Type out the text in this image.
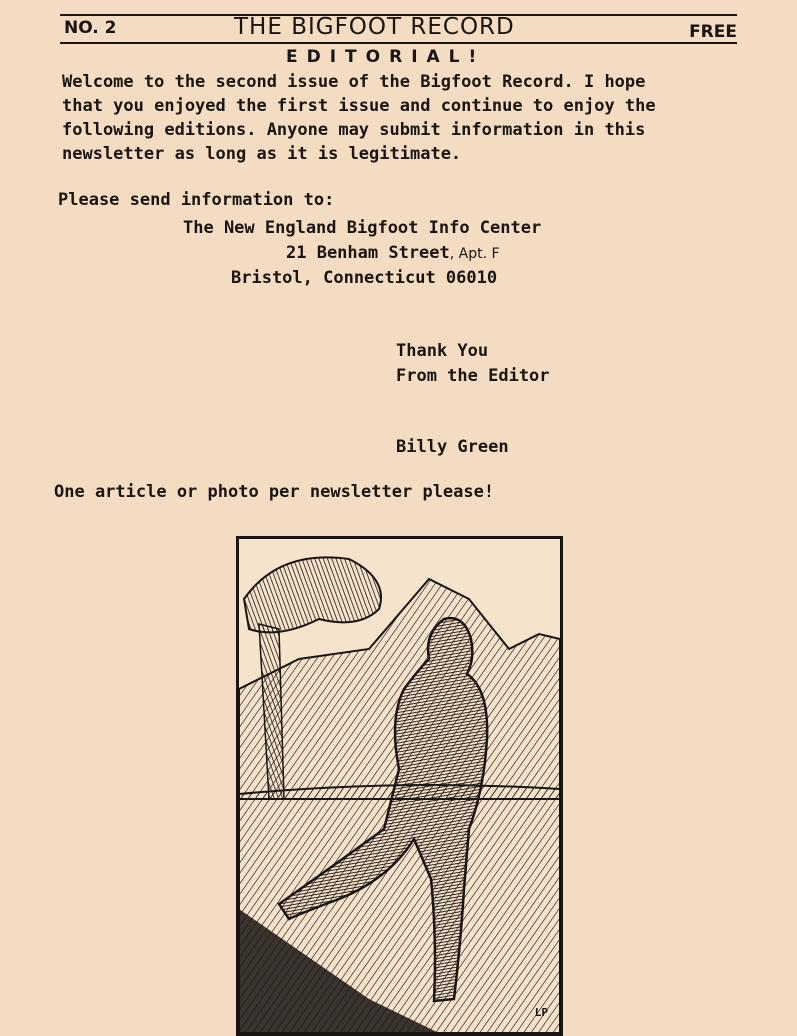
NO. 2	THE BIGFOOT RECORD	FREE
EDITORIAL!
Welcome to the second issue of the Bigfoot Record. I hope
that you enjoyed the first issue and continue to enjoy the
following editions. Anyone may submit information in this
newsletter as long as it is legitimate.
Please send information to:
The New England Bigfoot Info Center
21 Benham Street, Apt. F
Bristol, Connecticut 06010
Thank You
From the Editor
Billy Green
One article or photo per newsletter please!
LP
